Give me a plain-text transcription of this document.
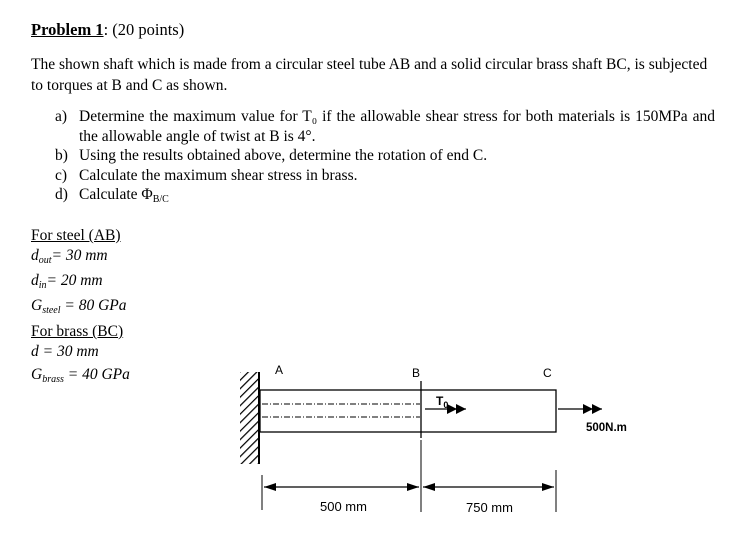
Problem 1: (20 points)
The shown shaft which is made from a circular steel tube AB and a solid circular brass shaft BC, is subjected to torques at B and C as shown.
a) Determine the maximum value for T₀ if the allowable shear stress for both materials is 150MPa and the allowable angle of twist at B is 4°.
b) Using the results obtained above, determine the rotation of end C.
c) Calculate the maximum shear stress in brass.
d) Calculate $\Phi_{B/C}$
For steel (AB)
$d_{out}= 30$ mm
$d_{in}= 20$ mm
$G_{steel} = 80$ GPa
For brass (BC)
d = 30 mm
$G_{brass} = 40$ GPa	A	B	C
$T_0$
500N.m
500 mm	750 mm
